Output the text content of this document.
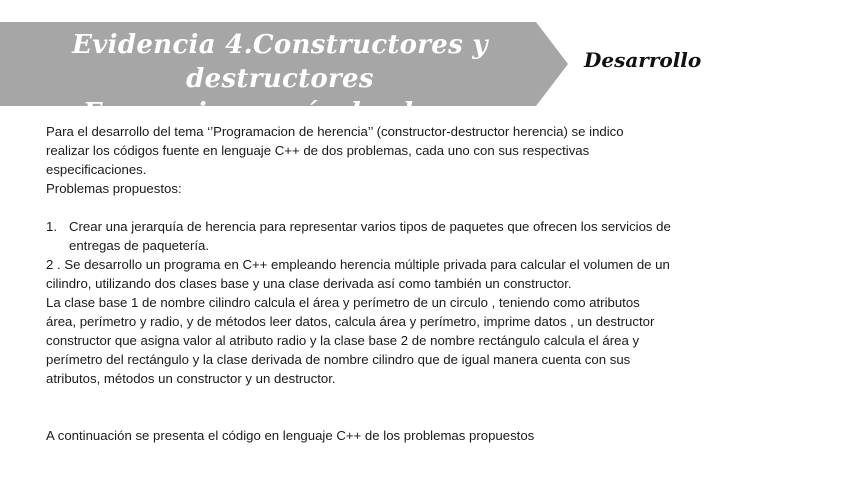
Evidencia 4.Constructores y destructores
En una jerarquía de clases
Desarrollo

Para el desarrollo del tema ‘’Programacion de herencia’’ (constructor-destructor herencia) se indico

realizar los códigos fuente en lenguaje C++ de dos problemas, cada uno con sus respectivas

especificaciones.

Problemas propuestos:

1. Crear una jerarquía de herencia para representar varios tipos de paquetes que ofrecen los servicios de

entregas de paquetería.

2 . Se desarrollo un programa en C++ empleando herencia múltiple privada para calcular el volumen de un

cilindro, utilizando dos clases base y una clase derivada así como también un constructor.

La clase base 1 de nombre cilindro calcula el área y perímetro de un circulo , teniendo como atributos

área, perímetro y radio, y de métodos leer datos, calcula área y perímetro, imprime datos , un destructor

constructor que asigna valor al atributo radio y la clase base 2 de nombre rectángulo calcula el área y

perímetro del rectángulo y la clase derivada de nombre cilindro que de igual manera cuenta con sus

atributos, métodos un constructor y un destructor.

A continuación se presenta el código en lenguaje C++ de los problemas propuestos
